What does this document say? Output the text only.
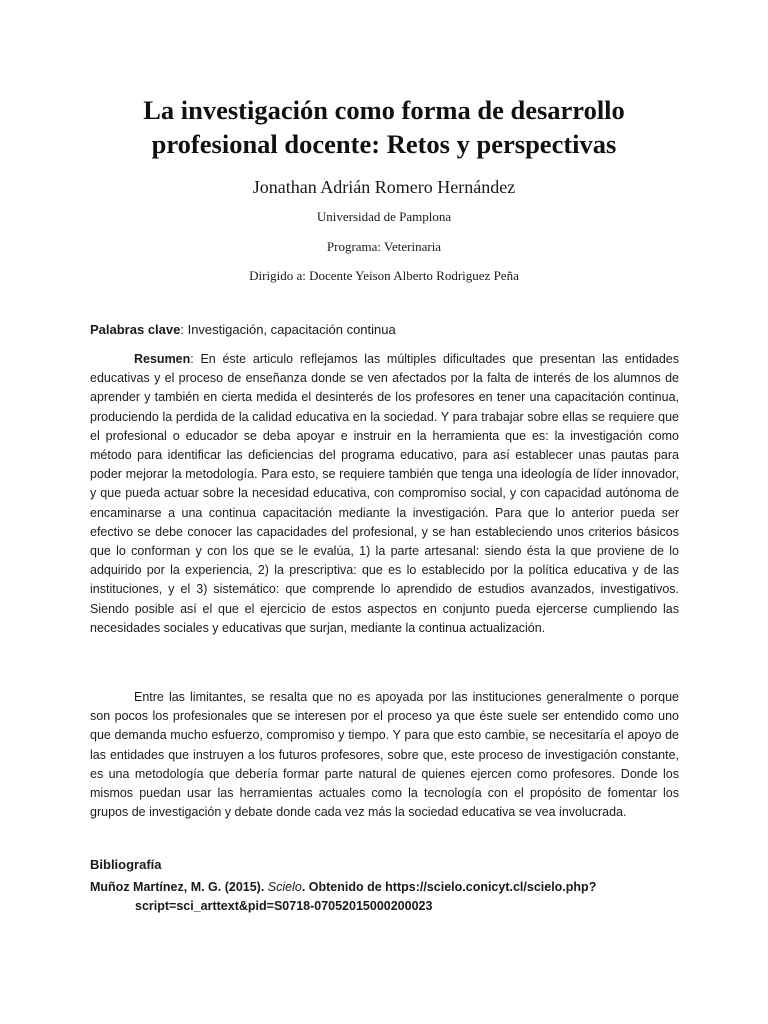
La investigación como forma de desarrollo
profesional docente: Retos y perspectivas
Jonathan Adrián Romero Hernández
Universidad de Pamplona
Programa: Veterinaria
Dirigido a: Docente Yeison Alberto Rodriguez Peña
Palabras clave: Investigación, capacitación continua

Resumen: En éste articulo reflejamos las múltiples dificultades que presentan las entidades educativas y el proceso de enseñanza donde se ven afectados por la falta de interés de los alumnos de aprender y también en cierta medida el desinterés de los profesores en tener una capacitación continua, produciendo la perdida de la calidad educativa en la sociedad. Y para trabajar sobre ellas se requiere que el profesional o educador se deba apoyar e instruir en la herramienta que es: la investigación como método para identificar las deficiencias del programa educativo, para así establecer unas pautas para poder mejorar la metodología. Para esto, se requiere también que tenga una ideología de líder innovador, y que pueda actuar sobre la necesidad educativa, con compromiso social, y con capacidad autónoma de encaminarse a una continua capacitación mediante la investigación. Para que lo anterior pueda ser efectivo se debe conocer las capacidades del profesional, y se han estableciendo unos criterios básicos que lo conforman y con los que se le evalúa, 1) la parte artesanal: siendo ésta la que proviene de lo adquirido por la experiencia, 2) la prescriptiva: que es lo establecido por la política educativa y de las instituciones, y el 3) sistemático: que comprende lo aprendido de estudios avanzados, investigativos. Siendo posible así el que el ejercicio de estos aspectos en conjunto pueda ejercerse cumpliendo las necesidades sociales y educativas que surjan, mediante la continua actualización.

Entre las limitantes, se resalta que no es apoyada por las instituciones generalmente o porque son pocos los profesionales que se interesen por el proceso ya que éste suele ser entendido como uno que demanda mucho esfuerzo, compromiso y tiempo. Y para que esto cambie, se necesitaría el apoyo de las entidades que instruyen a los futuros profesores, sobre que, este proceso de investigación constante, es una metodología que debería formar parte natural de quienes ejercen como profesores. Donde los mismos puedan usar las herramientas actuales como la tecnología con el propósito de fomentar los grupos de investigación y debate donde cada vez más la sociedad educativa se vea involucrada.

Bibliografía
Muñoz Martínez, M. G. (2015). Scielo. Obtenido de https://scielo.conicyt.cl/scielo.php?
script=sci_arttext&pid=S0718-07052015000200023
